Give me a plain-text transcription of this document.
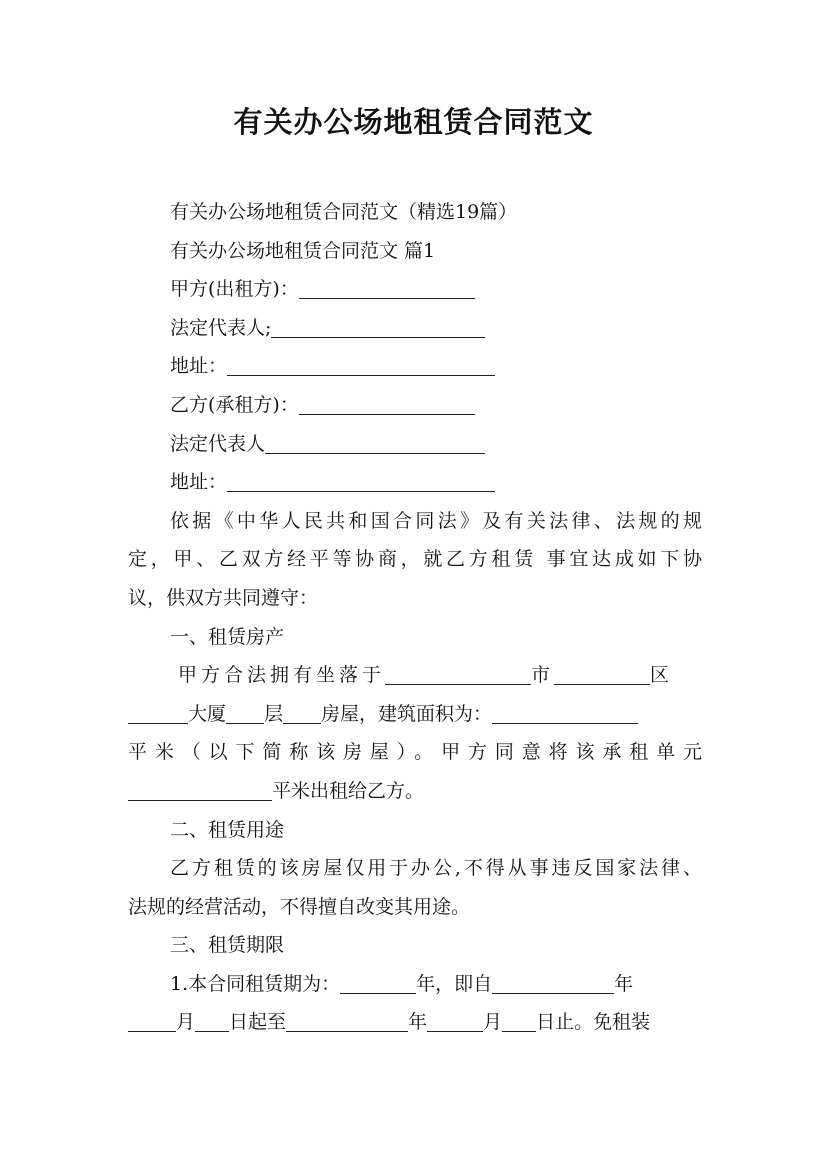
有关办公场地租赁合同范文
有关办公场地租赁合同范文（精选19篇）
有关办公场地租赁合同范文 篇1
甲方(出租方)：
法定代表人;
地址：
乙方(承租方)：
法定代表人
地址：
依据《中华人民共和国合同法》及有关法律、法规的规
定，甲、乙双方经平等协商，就乙方租赁 事宜达成如下协
议，供双方共同遵守：
一、租赁房产
甲方合法拥有坐落于	市	区
大厦 层 房屋，建筑面积为：
平米（以下简称该房屋）。甲方同意将该承租单元
平米出租给乙方。
二、租赁用途
乙方租赁的该房屋仅用于办公,不得从事违反国家法律、
法规的经营活动，不得擅自改变其用途。
三、租赁期限
1.本合同租赁期为：	年，即自	年
月 日起至	年	月 日止。免租装
